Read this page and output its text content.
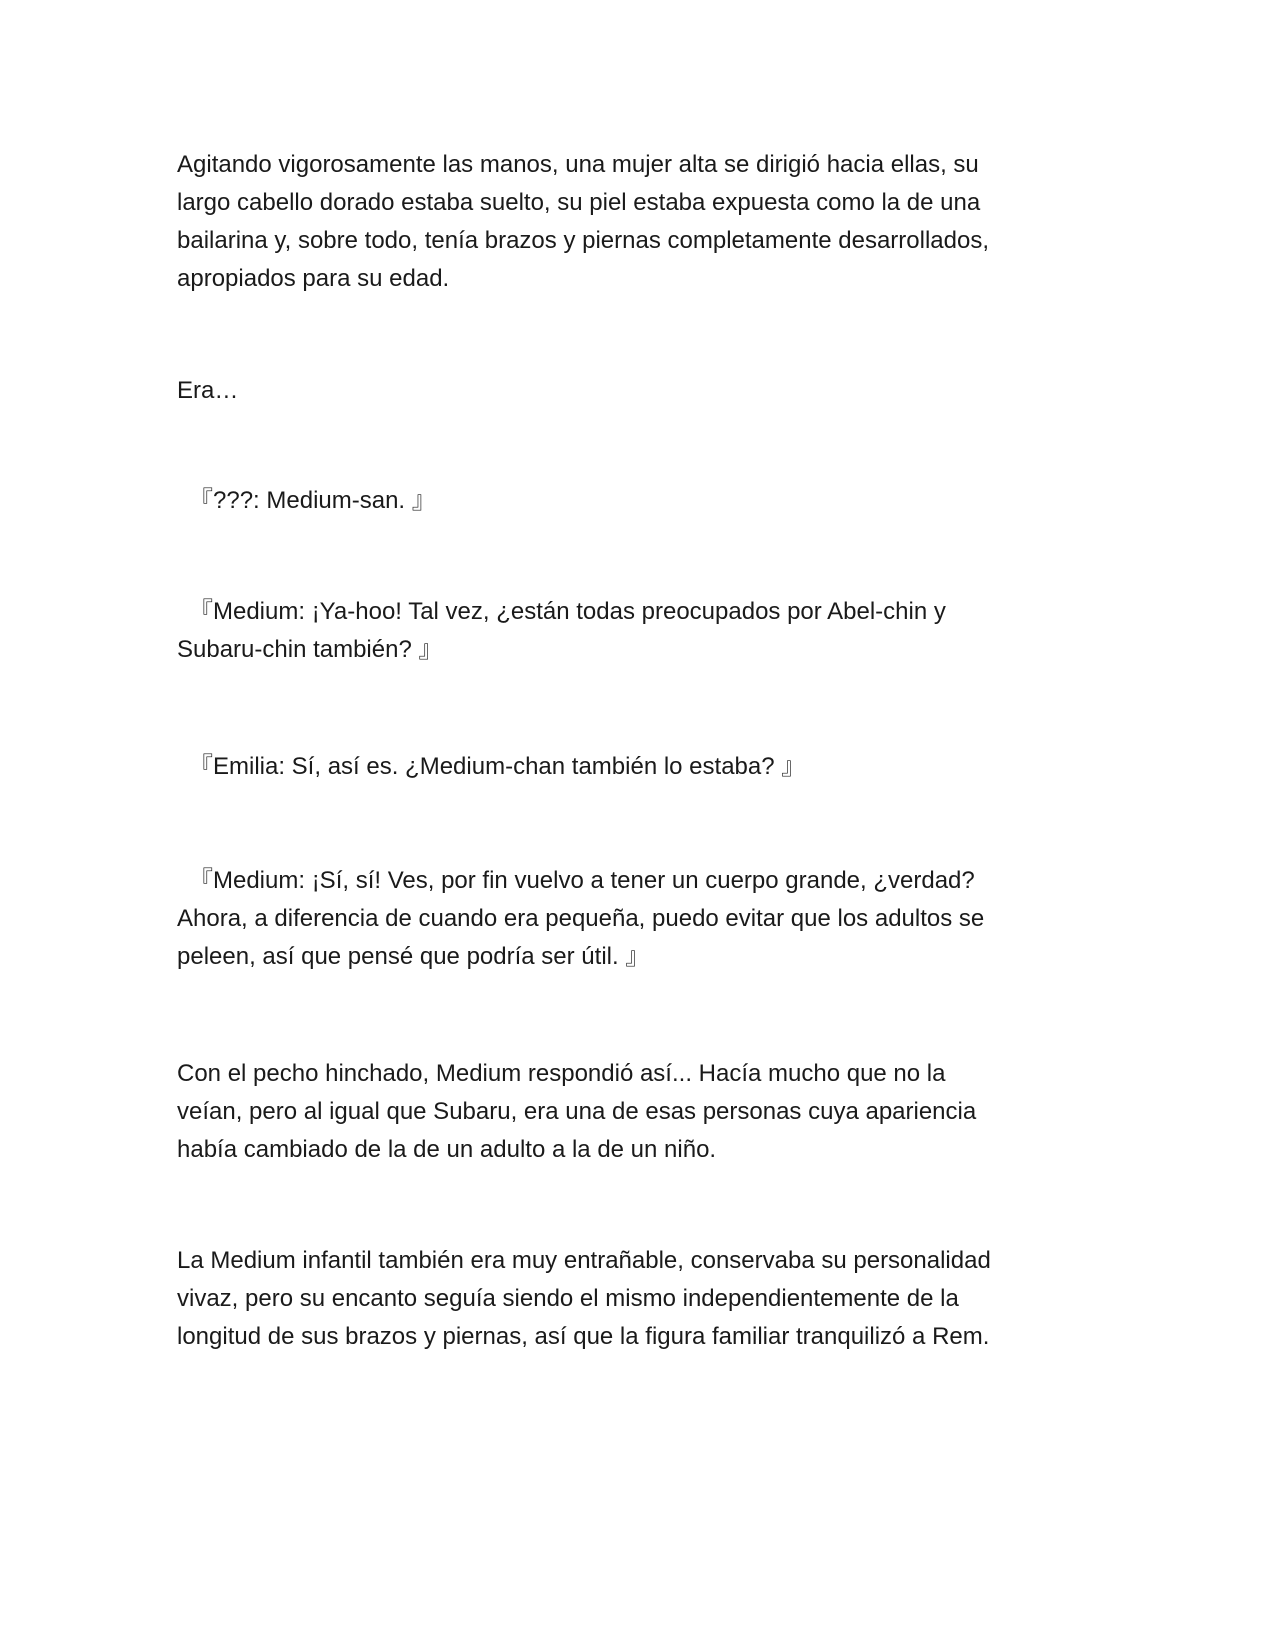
Agitando vigorosamente las manos, una mujer alta se dirigió hacia ellas, su
largo cabello dorado estaba suelto, su piel estaba expuesta como la de una
bailarina y, sobre todo, tenía brazos y piernas completamente desarrollados,
apropiados para su edad.

Era…

『???: Medium-san. 』

『Medium: ¡Ya-hoo! Tal vez, ¿están todas preocupados por Abel-chin y
Subaru-chin también? 』

『Emilia: Sí, así es. ¿Medium-chan también lo estaba? 』

『Medium: ¡Sí, sí! Ves, por fin vuelvo a tener un cuerpo grande, ¿verdad?
Ahora, a diferencia de cuando era pequeña, puedo evitar que los adultos se
peleen, así que pensé que podría ser útil. 』

Con el pecho hinchado, Medium respondió así... Hacía mucho que no la
veían, pero al igual que Subaru, era una de esas personas cuya apariencia
había cambiado de la de un adulto a la de un niño.

La Medium infantil también era muy entrañable, conservaba su personalidad
vivaz, pero su encanto seguía siendo el mismo independientemente de la
longitud de sus brazos y piernas, así que la figura familiar tranquilizó a Rem.
